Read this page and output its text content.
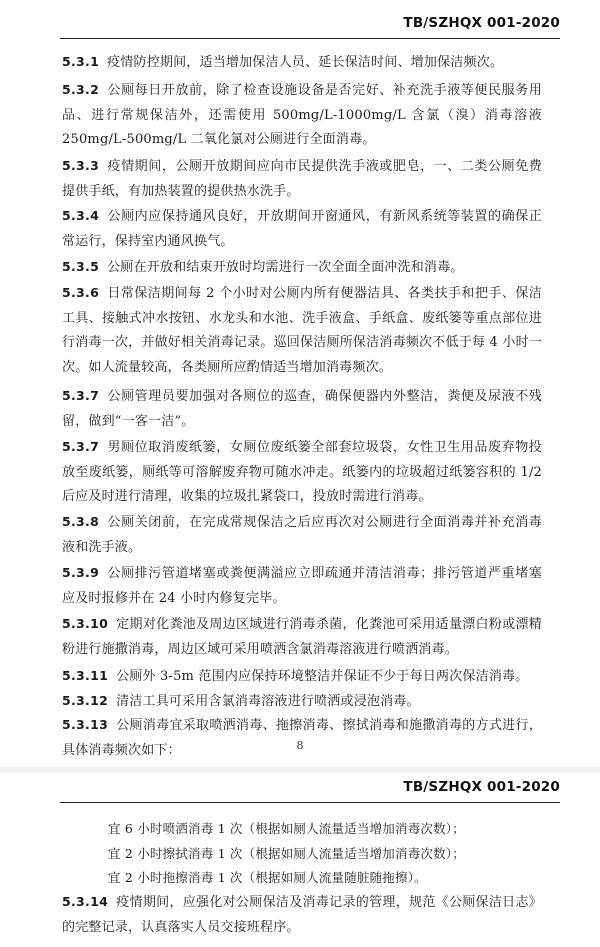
TB/SZHQX 001-2020
5.3.1 疫情防控期间，适当增加保洁人员、延长保洁时间、增加保洁频次。
5.3.2 公厕每日开放前，除了检查设施设备是否完好、补充洗手液等便民服务用品、进行常规保洁外，还需使用 500mg/L-1000mg/L 含氯（溴）消毒溶液 250mg/L-500mg/L 二氧化氯对公厕进行全面消毒。
5.3.3 疫情期间，公厕开放期间应向市民提供洗手液或肥皂，一、二类公厕免费提供手纸，有加热装置的提供热水洗手。
5.3.4 公厕内应保持通风良好，开放期间开窗通风，有新风系统等装置的确保正常运行，保持室内通风换气。
5.3.5 公厕在开放和结束开放时均需进行一次全面全面冲洗和消毒。
5.3.6 日常保洁期间每 2 个小时对公厕内所有便器洁具、各类扶手和把手、保洁工具、接触式冲水按钮、水龙头和水池、洗手液盒、手纸盒、废纸篓等重点部位进行消毒一次，并做好相关消毒记录。巡回保洁厕所保洁消毒频次不低于每 4 小时一次。如人流量较高，各类厕所应酌情适当增加消毒频次。
5.3.7 公厕管理员要加强对各厕位的巡查，确保便器内外整洁，粪便及尿液不残留，做到“一客一洁”。
5.3.7 男厕位取消废纸篓，女厕位废纸篓全部套垃圾袋，女性卫生用品废弃物投放至废纸篓，厕纸等可溶解废弃物可随水冲走。纸篓内的垃圾超过纸篓容积的 1/2 后应及时进行清理，收集的垃圾扎紧袋口，投放时需进行消毒。
5.3.8 公厕关闭前，在完成常规保洁之后应再次对公厕进行全面消毒并补充消毒液和洗手液。
5.3.9 公厕排污管道堵塞或粪便满溢应立即疏通并清洁消毒；排污管道严重堵塞应及时报修并在 24 小时内修复完毕。
5.3.10 定期对化粪池及周边区域进行消毒杀菌，化粪池可采用适量漂白粉或漂精粉进行施撒消毒，周边区域可采用喷洒含氯消毒溶液进行喷洒消毒。
5.3.11 公厕外 3-5m 范围内应保持环境整洁并保证不少于每日两次保洁消毒。
5.3.12 清洁工具可采用含氯消毒溶液进行喷洒或浸泡消毒。
5.3.13 公厕消毒宜采取喷洒消毒、拖擦消毒、擦拭消毒和施撒消毒的方式进行，具体消毒频次如下：	8
TB/SZHQX 001-2020
宜 6 小时喷洒消毒 1 次（根据如厕人流量适当增加消毒次数）；
宜 2 小时擦拭消毒 1 次（根据如厕人流量适当增加消毒次数）；
宜 2 小时拖擦消毒 1 次（根据如厕人流量随脏随拖擦）。
5.3.14 疫情期间，应强化对公厕保洁及消毒记录的管理，规范《公厕保洁日志》的完整记录，认真落实人员交接班程序。
